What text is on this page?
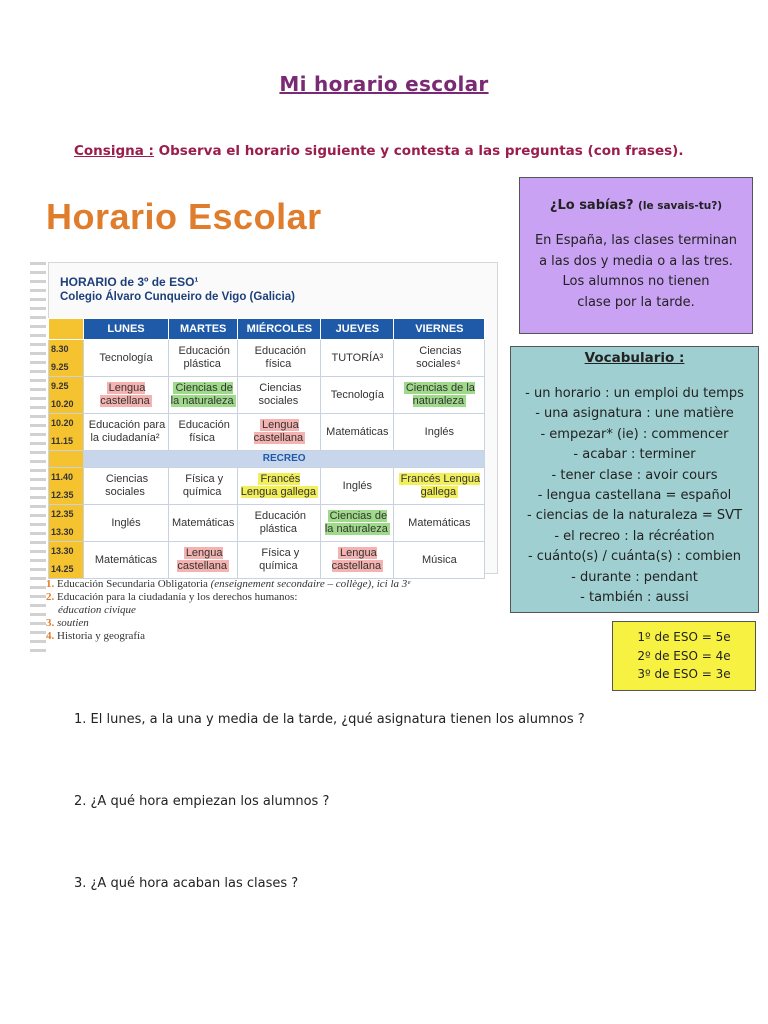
Mi horario escolar
Consigna : Observa el horario siguiente y contesta a las preguntas (con frases).
Horario Escolar
HORARIO de 3º de ESO¹
Colegio Álvaro Cunqueiro de Vigo (Galicia)
	LUNES	MARTES	MIÉRCOLES	JUEVES	VIERNES

8.30
9.25	Tecnología	Educación plástica	Educación física	TUTORÍA³	Ciencias sociales⁴

9.25
10.20	Lengua castellana	Ciencias de la naturaleza	Ciencias sociales	Tecnología	Ciencias de la naturaleza

10.20
11.15	Educación para la ciudadanía²	Educación física	Lengua castellana	Matemáticas	Inglés
	RECREO				

11.40
12.35	Ciencias sociales	Física y química	Francés Lengua gallega	Inglés	Francés Lengua gallega

12.35
13.30	Inglés	Matemáticas	Educación plástica	Ciencias de la naturaleza	Matemáticas

13.30
14.25	Matemáticas	Lengua castellana	Física y química	Lengua castellana	Música
1. Educación Secundaria Obligatoria (enseignement secondaire – collège), ici la 3ᵉ
2. Educación para la ciudadanía y los derechos humanos:
éducation civique
3. soutien
4. Historia y geografía
¿Lo sabías? (le savais-tu?)
En España, las clases terminan
a las dos y media o a las tres.
Los alumnos no tienen
clase por la tarde.
Vocabulario :
- un horario : un emploi du temps
- una asignatura : une matière
- empezar* (ie) : commencer
- acabar : terminer
- tener clase : avoir cours
- lengua castellana = español
- ciencias de la naturaleza = SVT
- el recreo : la récréation
- cuánto(s) / cuánta(s) : combien
- durante : pendant
- también : aussi
1º de ESO = 5e
2º de ESO = 4e
3º de ESO = 3e
1. El lunes, a la una y media de la tarde, ¿qué asignatura tienen los alumnos ?
2. ¿A qué hora empiezan los alumnos ?
3. ¿A qué hora acaban las clases ?
